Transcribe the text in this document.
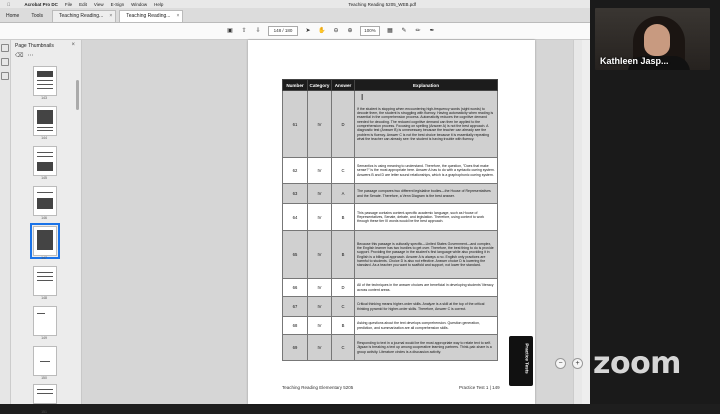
Acrobat Pro DC File Edit View E-Sign Window Help	Teaching Reading 5205_WEB.pdf
Home	Tools	Teaching Reading... ×	Teaching Reading... ×
▣ ⇧ ⇩	148 / 180	➤ ✋ ⊖ ⊕	100%	▦ ✎ ✏ ✒
Page Thumbnails	×
⌫ ⋯
143
144
145
146
147
148
149
150
151
Number	Category	Answer	Explanation
61	IV	D	If the student is stopping when encountering high-frequency words (sight words) to decode them, the student is struggling with fluency. Having automaticity when reading is essential in the comprehension process. Automaticity reduces the cognitive demand needed for decoding. The reduced cognitive demand can then be applied to the comprehension process. Focusing on spelling (Answer A) is not the best approach. A diagnostic test (Answer B) is unnecessary because the teacher can already see the problem is fluency. Answer C is not the best choice because it is essentially repeating what the teacher can already see: the student is having trouble with fluency.
62	IV	C	Semantics is using meaning to understand. Therefore, the question, "Does that make sense?" is the most appropriate here. Answer A has to do with a syntactic cueing system. Answers B and D are letter sound relationships, which is a graphophonic cueing system.
63	IV	A	The passage compares two different legislative bodies—the House of Representatives and the Senate. Therefore, a Venn Diagram is the best answer.
64	IV	B	This passage contains content-specific academic language, such as House of Representatives, Senate, debate, and legislation. Therefore, using context to work through these tier III words would be the best approach.
65	IV	B	Because this passage is culturally specific—United States Government—and complex, the English learner has two hurdles to get over. Therefore, the best thing to do is provide support. Providing the passage in the student's first language while also providing it in English is a bilingual approach. Answer A is always a no. English only practices are harmful to students. Choice D is also not effective. Answer choice D is lowering the standard. As a teacher you want to scaffold and support, not lower the standard.
66	IV	D	All of the techniques in the answer choices are beneficial in developing students' literacy across content areas.
67	IV	C	Critical thinking means higher-order skills. Analyze is a skill at the top of the critical thinking pyramid for higher-order skills. Therefore, Answer C is correct.
68	IV	B	Asking questions about the text develops comprehension. Question generation, prediction, and summarization are all comprehension skills.
69	IV	C	Responding to text in a journal would be the most appropriate way to relate text to self. Jigsaw is breaking a text up among cooperative learning partners. Think-pair-share is a group activity. Literature circles is a discussion activity.
I
Teaching Reading Elementary 5205	Practice Test 1 | 149
Practice Tests	−	+
Kathleen Jasp...
zoom
